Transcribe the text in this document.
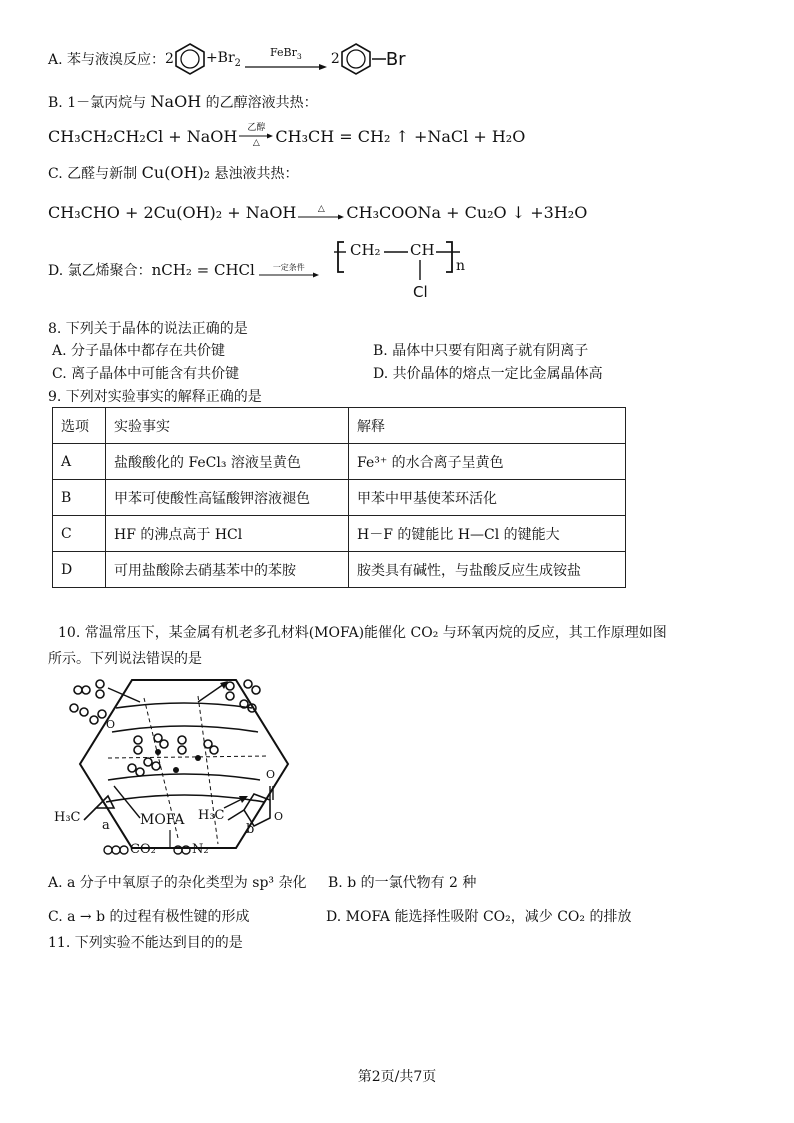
A. 苯与液溴反应： $2 +Br_2$
FeBr$_3$ 2	Br
B. 1－氯丙烷与 NaOH 的乙醇溶液共热：
CH₃CH₂CH₂Cl + NaOH 乙醇
△ CH₃CH = CH₂ ↑ +NaCl + H₂O
C. 乙醛与新制 Cu(OH)₂ 悬浊液共热：
CH₃CHO + 2Cu(OH)₂ + NaOH △ CH₃COONa + Cu₂O ↓ +3H₂O
D. 氯乙烯聚合： nCH₂ = CHCl 一定条件
CH₂ CH
n
Cl
8. 下列关于晶体的说法正确的是
A. 分子晶体中都存在共价键	B. 晶体中只要有阳离子就有阴离子
C. 离子晶体中可能含有共价键	D. 共价晶体的熔点一定比金属晶体高
9. 下列对实验事实的解释正确的是
选项	实验事实	解释
A	盐酸酸化的 FeCl₃ 溶液呈黄色	Fe³⁺ 的水合离子呈黄色
B	甲苯可使酸性高锰酸钾溶液褪色	甲苯中甲基使苯环活化
C	HF 的沸点高于 HCl	H－F 的键能比 H—Cl 的键能大
D	可用盐酸除去硝基苯中的苯胺	胺类具有碱性，与盐酸反应生成铵盐
10. 常温常压下，某金属有机老多孔材料(MOFA)能催化 CO₂ 与环氧丙烷的反应，其工作原理如图
所示。下列说法错误的是
O
O
O
H₃C
a MOFA H₃C
b
CO₂	N₂
A. a 分子中氧原子的杂化类型为 sp³ 杂化 B. b 的一氯代物有 2 种
C. a → b 的过程有极性键的形成	D. MOFA 能选择性吸附 CO₂，减少 CO₂ 的排放
11. 下列实验不能达到目的的是
第2页/共7页
